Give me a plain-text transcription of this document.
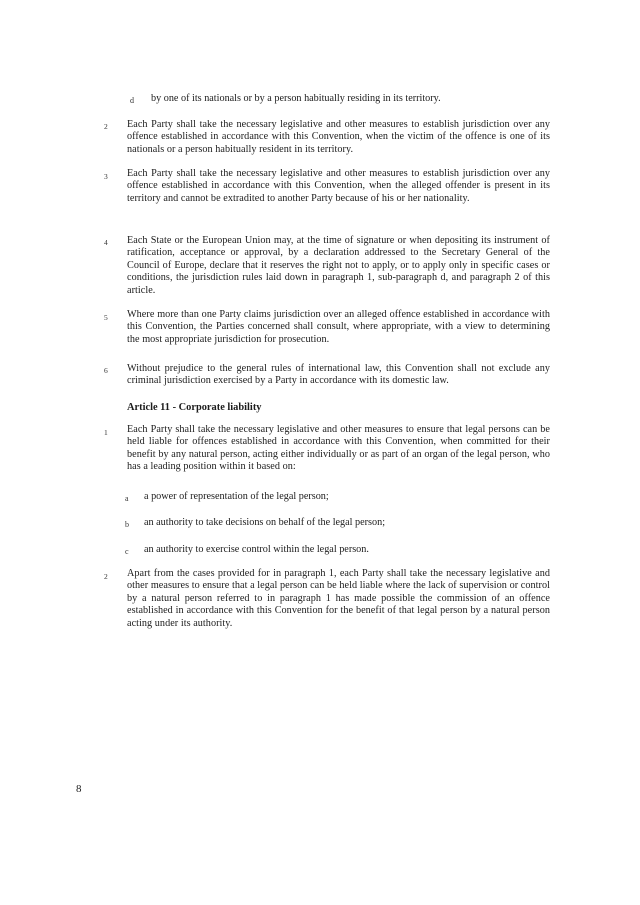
d by one of its nationals or by a person habitually residing in its territory.
2 Each Party shall take the necessary legislative and other measures to establish jurisdiction over any offence established in accordance with this Convention, when the victim of the offence is one of its nationals or a person habitually resident in its territory.
3 Each Party shall take the necessary legislative and other measures to establish jurisdiction over any offence established in accordance with this Convention, when the alleged offender is present in its territory and cannot be extradited to another Party because of his or her nationality.
4 Each State or the European Union may, at the time of signature or when depositing its instrument of ratification, acceptance or approval, by a declaration addressed to the Secretary General of the Council of Europe, declare that it reserves the right not to apply, or to apply only in specific cases or conditions, the jurisdiction rules laid down in paragraph 1, sub-paragraph d, and paragraph 2 of this article.
5 Where more than one Party claims jurisdiction over an alleged offence established in accordance with this Convention, the Parties concerned shall consult, where appropriate, with a view to determining the most appropriate jurisdiction for prosecution.
6 Without prejudice to the general rules of international law, this Convention shall not exclude any criminal jurisdiction exercised by a Party in accordance with its domestic law.
Article 11 - Corporate liability
1 Each Party shall take the necessary legislative and other measures to ensure that legal persons can be held liable for offences established in accordance with this Convention, when committed for their benefit by any natural person, acting either individually or as part of an organ of the legal person, who has a leading position within it based on:
a a power of representation of the legal person;
b an authority to take decisions on behalf of the legal person;
c an authority to exercise control within the legal person.
2 Apart from the cases provided for in paragraph 1, each Party shall take the necessary legislative and other measures to ensure that a legal person can be held liable where the lack of supervision or control by a natural person referred to in paragraph 1 has made possible the commission of an offence established in accordance with this Convention for the benefit of that legal person by a natural person acting under its authority.
8
